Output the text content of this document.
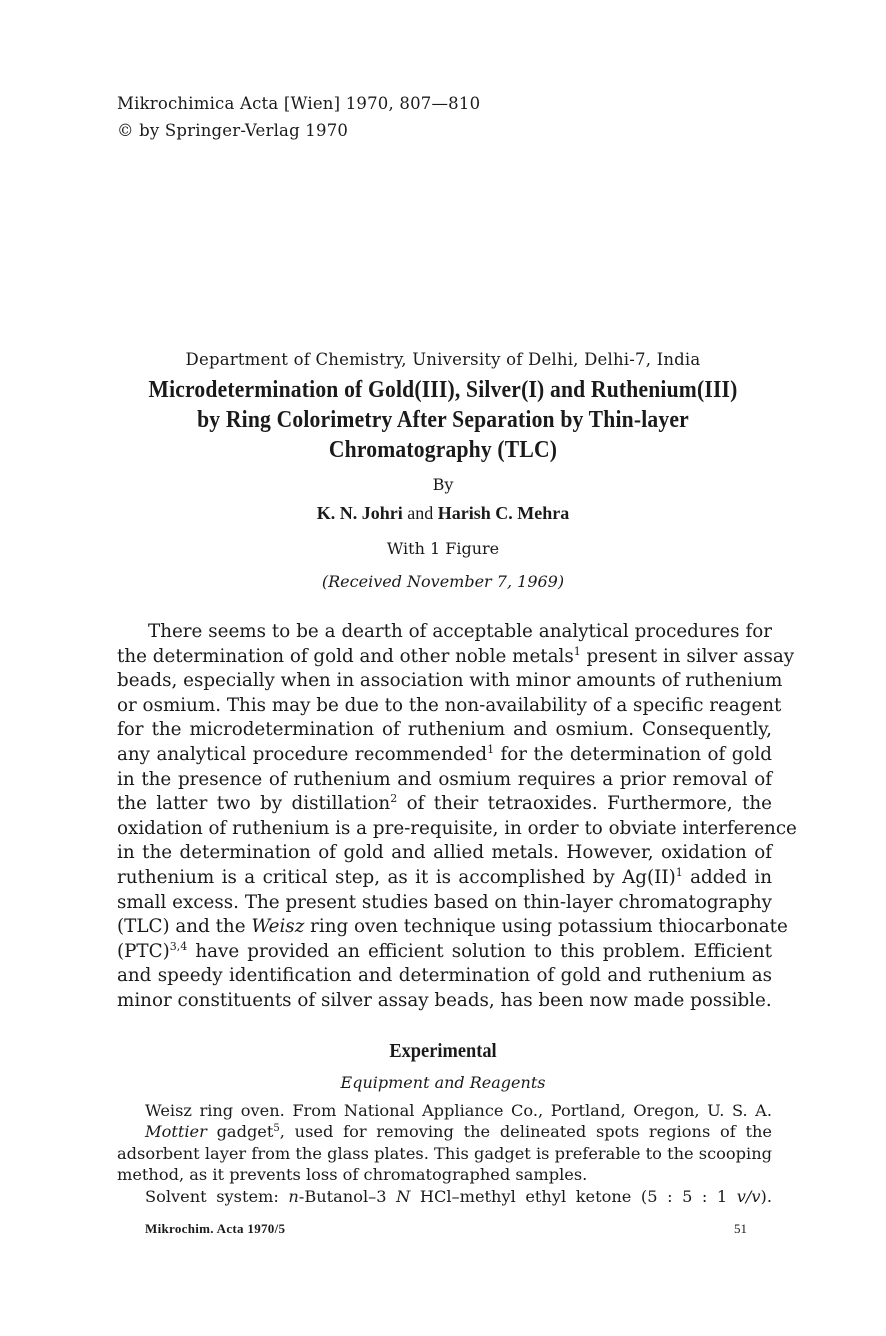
Mikrochimica Acta [Wien] 1970, 807—810
© by Springer-Verlag 1970
Department of Chemistry, University of Delhi, Delhi-7, India
Microdetermination of Gold(III), Silver(I) and Ruthenium(III)
by Ring Colorimetry After Separation by Thin-layer
Chromatography (TLC)
By
K. N. Johri and Harish C. Mehra
With 1 Figure
(Received November 7, 1969)
There seems to be a dearth of acceptable analytical procedures for
the determination of gold and other noble metals$^1$ present in silver assay
beads, especially when in association with minor amounts of ruthenium
or osmium. This may be due to the non-availability of a specific reagent
for the microdetermination of ruthenium and osmium. Consequently,
any analytical procedure recommended$^1$ for the determination of gold
in the presence of ruthenium and osmium requires a prior removal of
the latter two by distillation$^2$ of their tetraoxides. Furthermore, the
oxidation of ruthenium is a pre-requisite, in order to obviate interference
in the determination of gold and allied metals. However, oxidation of
ruthenium is a critical step, as it is accomplished by Ag(II)$^1$ added in
small excess. The present studies based on thin-layer chromatography
(TLC) and the Weisz ring oven technique using potassium thiocarbonate
(PTC)$^{3,4}$ have provided an efficient solution to this problem. Efficient
and speedy identification and determination of gold and ruthenium as
minor constituents of silver assay beads, has been now made possible.
Experimental
Equipment and Reagents
Weisz ring oven. From National Appliance Co., Portland, Oregon, U. S. A.
Mottier gadget$^5$, used for removing the delineated spots regions of the
adsorbent layer from the glass plates. This gadget is preferable to the scooping
method, as it prevents loss of chromatographed samples.
Solvent system: n-Butanol–3 N HCl–methyl ethyl ketone (5 : 5 : 1 v/v).
Mikrochim. Acta 1970/5	51
